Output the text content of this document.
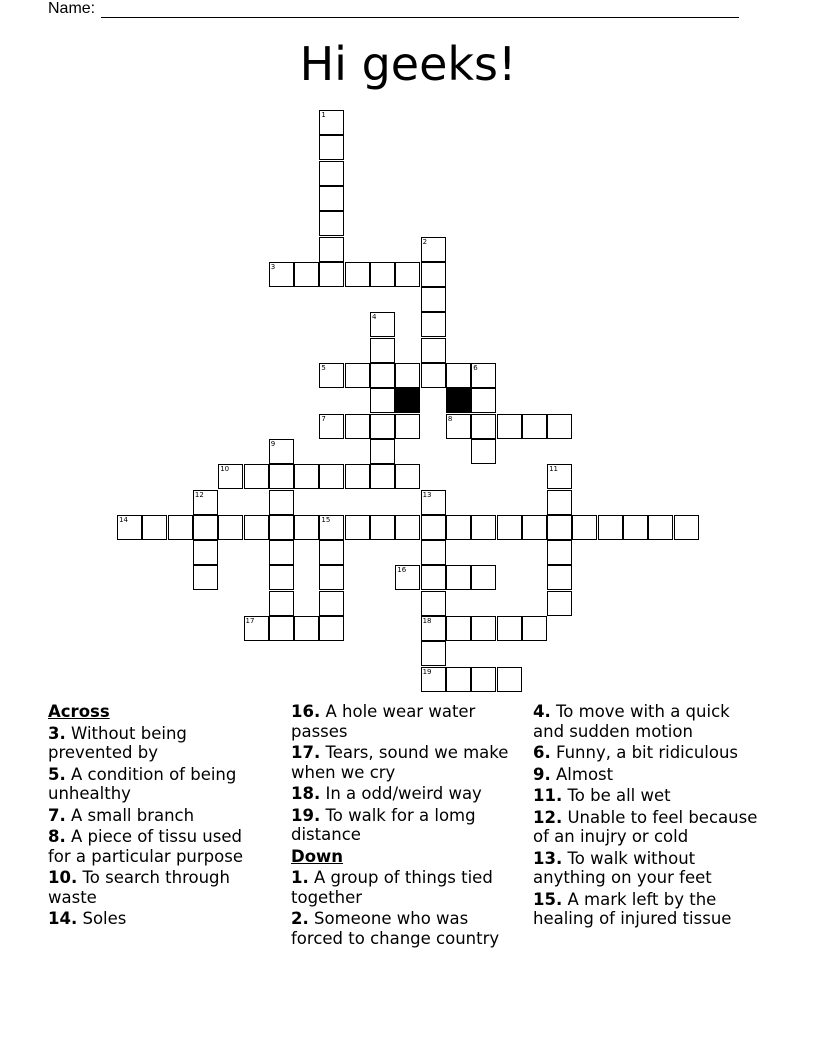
Name:
Hi geeks!
1
2
3
4
5	6
7	8
9
10	11
12	13
18
14	15
16
17
19
Across
3. Without being prevented by
5. A condition of being unhealthy
7. A small branch
8. A piece of tissu used for a particular purpose
10. To search through waste
14. Soles
16. A hole wear water passes
17. Tears, sound we make when we cry
18. In a odd/weird way
19. To walk for a lomg distance
Down
1. A group of things tied together
2. Someone who was forced to change country
4. To move with a quick and sudden motion
6. Funny, a bit ridiculous
9. Almost
11. To be all wet
12. Unable to feel because of an inujry or cold
13. To walk without anything on your feet
15. A mark left by the healing of injured tissue
